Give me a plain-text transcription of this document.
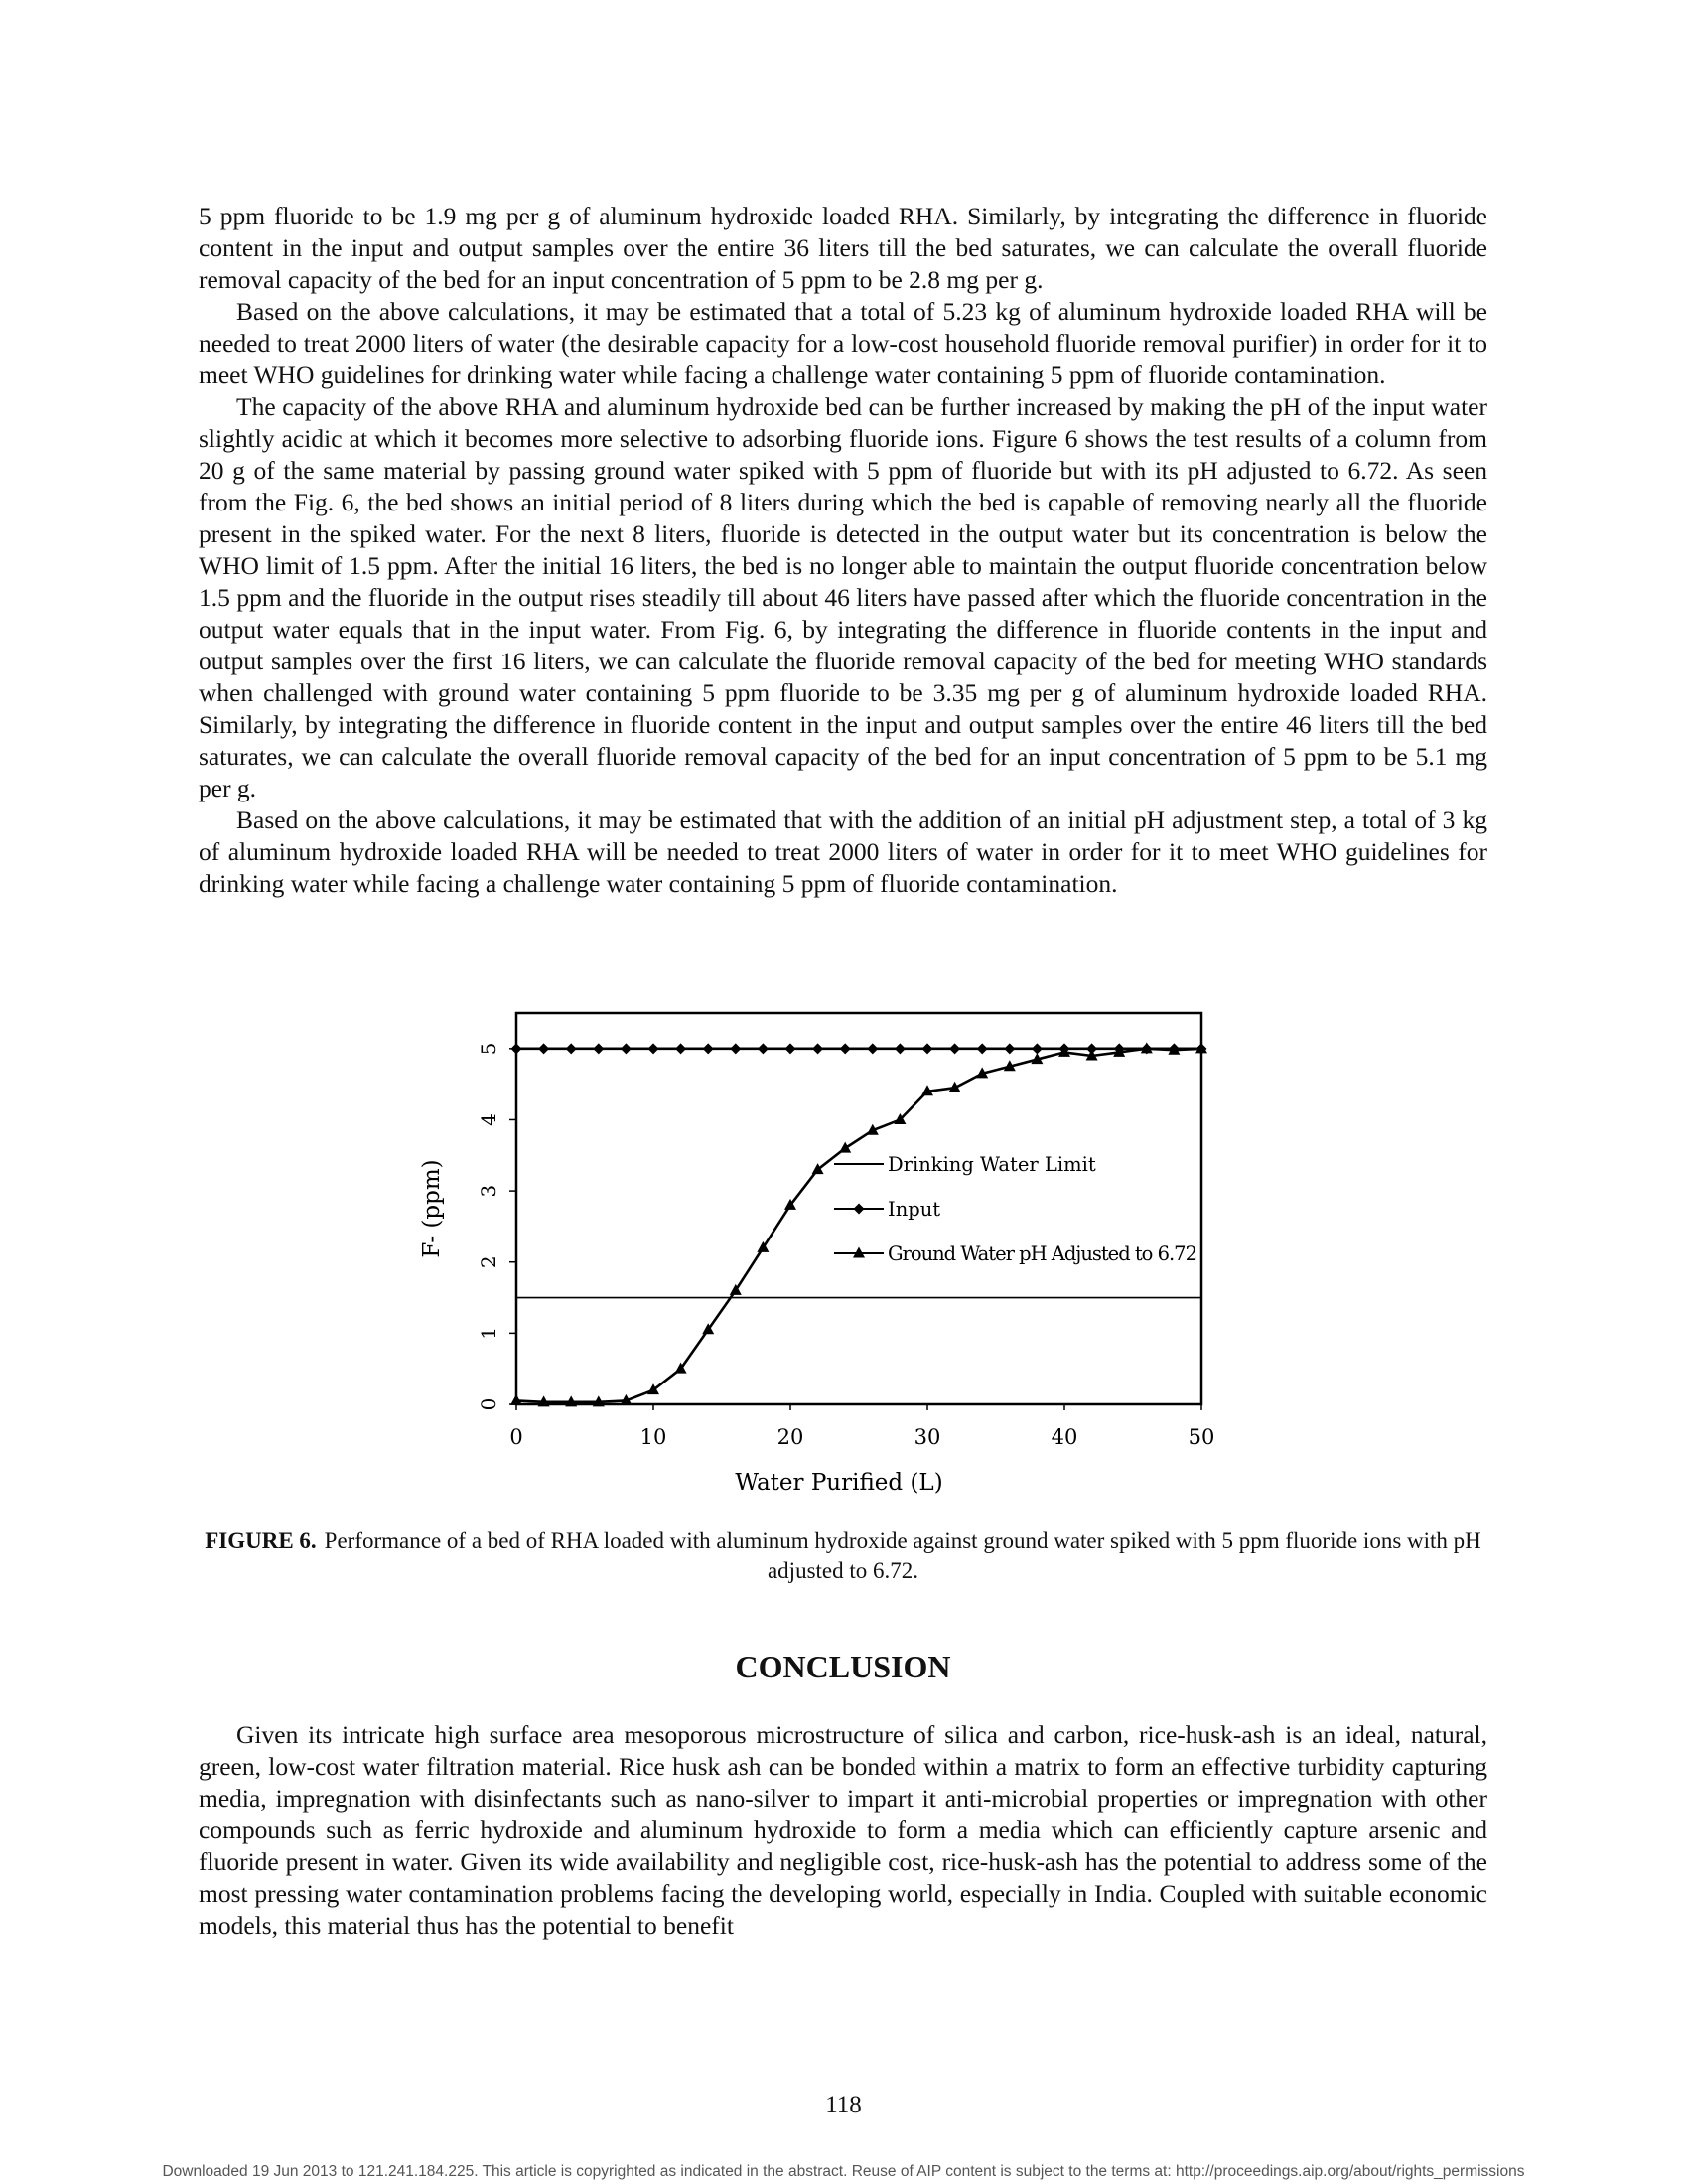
5 ppm fluoride to be 1.9 mg per g of aluminum hydroxide loaded RHA. Similarly, by integrating the difference in fluoride content in the input and output samples over the entire 36 liters till the bed saturates, we can calculate the overall fluoride removal capacity of the bed for an input concentration of 5 ppm to be 2.8 mg per g.

Based on the above calculations, it may be estimated that a total of 5.23 kg of aluminum hydroxide loaded RHA will be needed to treat 2000 liters of water (the desirable capacity for a low-cost household fluoride removal purifier) in order for it to meet WHO guidelines for drinking water while facing a challenge water containing 5 ppm of fluoride contamination.

The capacity of the above RHA and aluminum hydroxide bed can be further increased by making the pH of the input water slightly acidic at which it becomes more selective to adsorbing fluoride ions. Figure 6 shows the test results of a column from 20 g of the same material by passing ground water spiked with 5 ppm of fluoride but with its pH adjusted to 6.72. As seen from the Fig. 6, the bed shows an initial period of 8 liters during which the bed is capable of removing nearly all the fluoride present in the spiked water. For the next 8 liters, fluoride is detected in the output water but its concentration is below the WHO limit of 1.5 ppm. After the initial 16 liters, the bed is no longer able to maintain the output fluoride concentration below 1.5 ppm and the fluoride in the output rises steadily till about 46 liters have passed after which the fluoride concentration in the output water equals that in the input water. From Fig. 6, by integrating the difference in fluoride contents in the input and output samples over the first 16 liters, we can calculate the fluoride removal capacity of the bed for meeting WHO standards when challenged with ground water containing 5 ppm fluoride to be 3.35 mg per g of aluminum hydroxide loaded RHA. Similarly, by integrating the difference in fluoride content in the input and output samples over the entire 46 liters till the bed saturates, we can calculate the overall fluoride removal capacity of the bed for an input concentration of 5 ppm to be 5.1 mg per g.

Based on the above calculations, it may be estimated that with the addition of an initial pH adjustment step, a total of 3 kg of aluminum hydroxide loaded RHA will be needed to treat 2000 liters of water in order for it to meet WHO guidelines for drinking water while facing a challenge water containing 5 ppm of fluoride contamination.

0
1
2
3
4
5
0	10	20	30	40	50
Drinking Water Limit
Input
Ground Water pH Adjusted to 6.72
Water Purified (L)
F- (ppm)
FIGURE 6. Performance of a bed of RHA loaded with aluminum hydroxide against ground water spiked with 5 ppm fluoride ions with pH adjusted to 6.72.
CONCLUSION

Given its intricate high surface area mesoporous microstructure of silica and carbon, rice-husk-ash is an ideal, natural, green, low-cost water filtration material. Rice husk ash can be bonded within a matrix to form an effective turbidity capturing media, impregnation with disinfectants such as nano-silver to impart it anti-microbial properties or impregnation with other compounds such as ferric hydroxide and aluminum hydroxide to form a media which can efficiently capture arsenic and fluoride present in water. Given its wide availability and negligible cost, rice-husk-ash has the potential to address some of the most pressing water contamination problems facing the developing world, especially in India. Coupled with suitable economic models, this material thus has the potential to benefit

118
Downloaded 19 Jun 2013 to 121.241.184.225. This article is copyrighted as indicated in the abstract. Reuse of AIP content is subject to the terms at: http://proceedings.aip.org/about/rights_permissions
